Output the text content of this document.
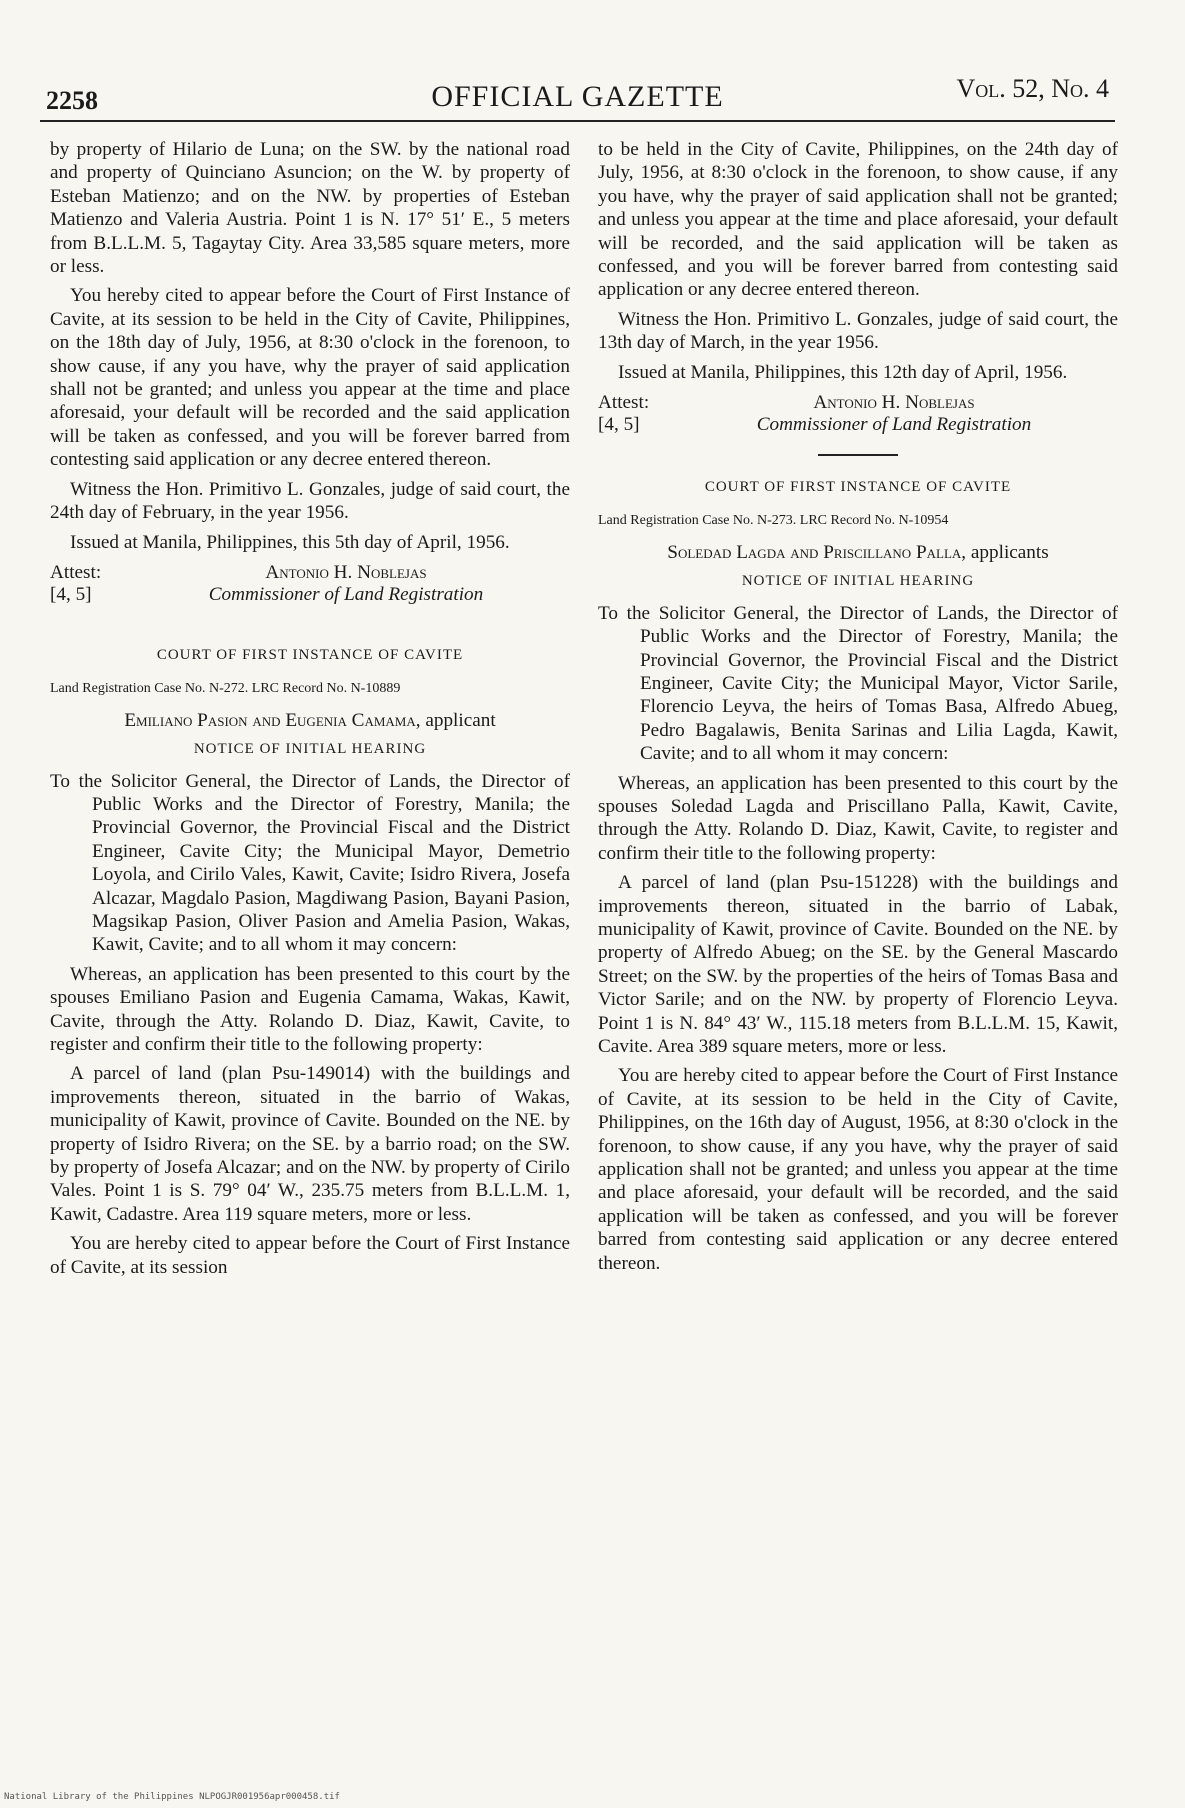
2258	OFFICIAL GAZETTE	Vol. 52, No. 4

by property of Hilario de Luna; on the SW. by the national road and property of Quinciano Asuncion; on the W. by property of Esteban Matienzo; and on the NW. by properties of Esteban Matienzo and Valeria Austria. Point 1 is N. 17° 51′ E., 5 meters from B.L.L.M. 5, Tagaytay City. Area 33,585 square meters, more or less.

You hereby cited to appear before the Court of First Instance of Cavite, at its session to be held in the City of Cavite, Philippines, on the 18th day of July, 1956, at 8:30 o'clock in the forenoon, to show cause, if any you have, why the prayer of said application shall not be granted; and unless you appear at the time and place aforesaid, your default will be recorded and the said application will be taken as confessed, and you will be forever barred from contesting said application or any decree entered thereon.

Witness the Hon. Primitivo L. Gonzales, judge of said court, the 24th day of February, in the year 1956.

Issued at Manila, Philippines, this 5th day of April, 1956.

Attest:	Antonio H. Noblejas
[4, 5]	Commissioner of Land Registration
COURT OF FIRST INSTANCE OF CAVITE
Land Registration Case No. N-272. LRC Record No. N-10889
Emiliano Pasion and Eugenia Camama, applicant
NOTICE OF INITIAL HEARING

To the Solicitor General, the Director of Lands, the Director of Public Works and the Director of Forestry, Manila; the Provincial Governor, the Provincial Fiscal and the District Engineer, Cavite City; the Municipal Mayor, Demetrio Loyola, and Cirilo Vales, Kawit, Cavite; Isidro Rivera, Josefa Alcazar, Magdalo Pasion, Magdiwang Pasion, Bayani Pasion, Magsikap Pasion, Oliver Pasion and Amelia Pasion, Wakas, Kawit, Cavite; and to all whom it may concern:

Whereas, an application has been presented to this court by the spouses Emiliano Pasion and Eugenia Camama, Wakas, Kawit, Cavite, through the Atty. Rolando D. Diaz, Kawit, Cavite, to register and confirm their title to the following property:

A parcel of land (plan Psu-149014) with the buildings and improvements thereon, situated in the barrio of Wakas, municipality of Kawit, province of Cavite. Bounded on the NE. by property of Isidro Rivera; on the SE. by a barrio road; on the SW. by property of Josefa Alcazar; and on the NW. by property of Cirilo Vales. Point 1 is S. 79° 04′ W., 235.75 meters from B.L.L.M. 1, Kawit, Cadastre. Area 119 square meters, more or less.

You are hereby cited to appear before the Court of First Instance of Cavite, at its session

to be held in the City of Cavite, Philippines, on the 24th day of July, 1956, at 8:30 o'clock in the forenoon, to show cause, if any you have, why the prayer of said application shall not be granted; and unless you appear at the time and place aforesaid, your default will be recorded, and the said application will be taken as confessed, and you will be forever barred from contesting said application or any decree entered thereon.

Witness the Hon. Primitivo L. Gonzales, judge of said court, the 13th day of March, in the year 1956.

Issued at Manila, Philippines, this 12th day of April, 1956.

Attest:	Antonio H. Noblejas
[4, 5]	Commissioner of Land Registration
COURT OF FIRST INSTANCE OF CAVITE
Land Registration Case No. N-273. LRC Record No. N-10954
Soledad Lagda and Priscillano Palla, applicants
NOTICE OF INITIAL HEARING

To the Solicitor General, the Director of Lands, the Director of Public Works and the Director of Forestry, Manila; the Provincial Governor, the Provincial Fiscal and the District Engineer, Cavite City; the Municipal Mayor, Victor Sarile, Florencio Leyva, the heirs of Tomas Basa, Alfredo Abueg, Pedro Bagalawis, Benita Sarinas and Lilia Lagda, Kawit, Cavite; and to all whom it may concern:

Whereas, an application has been presented to this court by the spouses Soledad Lagda and Priscillano Palla, Kawit, Cavite, through the Atty. Rolando D. Diaz, Kawit, Cavite, to register and confirm their title to the following property:

A parcel of land (plan Psu-151228) with the buildings and improvements thereon, situated in the barrio of Labak, municipality of Kawit, province of Cavite. Bounded on the NE. by property of Alfredo Abueg; on the SE. by the General Mascardo Street; on the SW. by the properties of the heirs of Tomas Basa and Victor Sarile; and on the NW. by property of Florencio Leyva. Point 1 is N. 84° 43′ W., 115.18 meters from B.L.L.M. 15, Kawit, Cavite. Area 389 square meters, more or less.

You are hereby cited to appear before the Court of First Instance of Cavite, at its session to be held in the City of Cavite, Philippines, on the 16th day of August, 1956, at 8:30 o'clock in the forenoon, to show cause, if any you have, why the prayer of said application shall not be granted; and unless you appear at the time and place aforesaid, your default will be recorded, and the said application will be taken as confessed, and you will be forever barred from contesting said application or any decree entered thereon.

National Library of the Philippines NLPOGJR001956apr000458.tif
